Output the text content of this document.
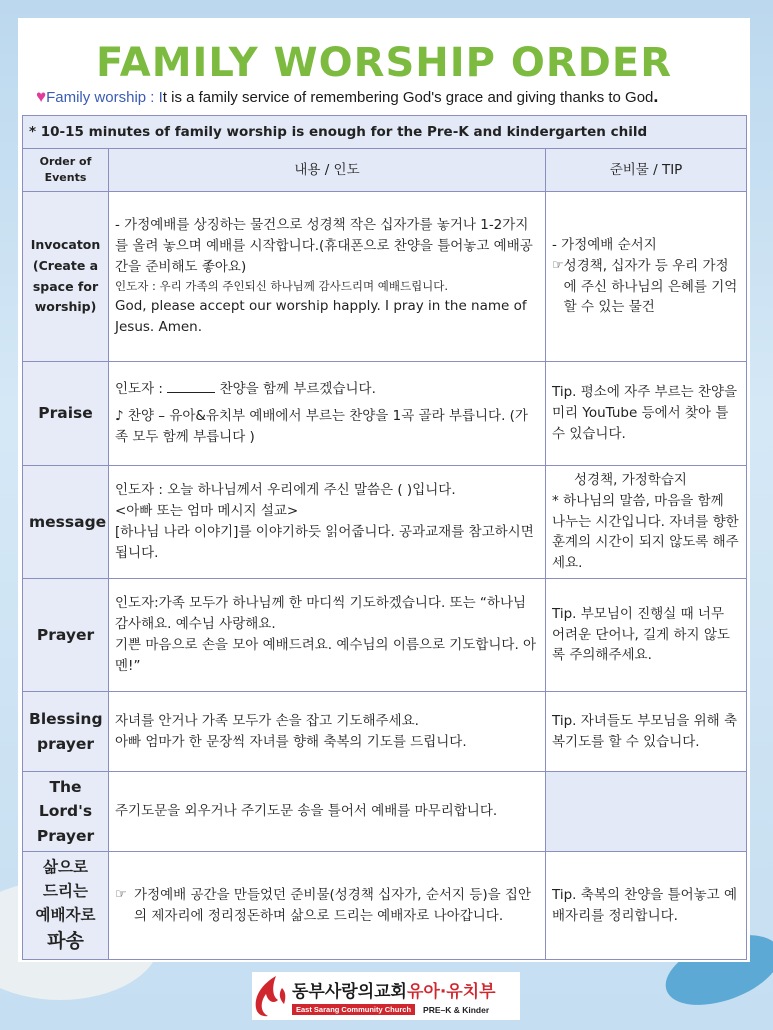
FAMILY WORSHIP ORDER
♥Family worship : It is a family service of remembering God's grace and giving thanks to God.
* 10-15 minutes of family worship is enough for the Pre-K and kindergarten child		

Order of
Events	내용 / 인도	준비물 / TIP

Invocaton
(Create a
space for
worship)	- 가정예배를 상징하는 물건으로 성경책 작은 십자가를 놓거나 1-2가지를 올려 놓으며 예배를 시작합니다.(휴대폰으로 찬양을 틀어놓고 예배공간을 준비해도 좋아요)
인도자 : 우리 가족의 주인되신 하나님께 감사드리며 예배드립니다.
God, please accept our worship happly. I pray in the name of Jesus. Amen.	- 가정예배 순서지
☞ 성경책, 십자가 등 우리 가정에 주신 하나님의 은혜를 기억할 수 있는 물건

Praise	인도자 : 찬양을 함께 부르겠습니다.
♪ 찬양 – 유아&유치부 예배에서 부르는 찬양을 1곡 골라 부릅니다. (가족 모두 함께 부릅니다 )	Tip. 평소에 자주 부르는 찬양을 미리 YouTube 등에서 찾아 틀 수 있습니다.
message	인도자 : 오늘 하나님께서 우리에게 주신 말씀은 ( )입니다.
<아빠 또는 엄마 메시지 설교>
[하나님 나라 이야기]를 이야기하듯 읽어줍니다. 공과교재를 참고하시면 됩니다.	성경책, 가정학습지
* 하나님의 말씀, 마음을 함께 나누는 시간입니다. 자녀를 향한 훈계의 시간이 되지 않도록 해주세요.

Prayer	인도자:가족 모두가 하나님께 한 마디씩 기도하겠습니다. 또는 “하나님 감사해요. 예수님 사랑해요.
기쁜 마음으로 손을 모아 예배드려요. 예수님의 이름으로 기도합니다. 아멘!”	Tip. 부모님이 진행실 때 너무 어려운 단어나, 길게 하지 않도록 주의해주세요.

Blessing
prayer	자녀를 안거나 가족 모두가 손을 잡고 기도해주세요.
아빠 엄마가 한 문장씩 자녀를 향해 축복의 기도를 드립니다.	Tip. 자녀들도 부모님을 위해 축복기도를 할 수 있습니다.

The
Lord's
Prayer	주기도문을 외우거나 주기도문 송을 틀어서 예배를 마무리합니다.	

삶으로
드리는
예배자로
파송	☞ 가정예배 공간을 만들었던 준비물(성경책 십자가, 순서지 등)을 집안의 제자리에 정리정돈하며 삶으로 드리는 예배자로 나아갑니다.	Tip. 축복의 찬양을 틀어놓고 예배자리를 정리합니다.
동부사랑의교회유아·유치부
East Sarang Community Church	PRE–K & Kinder
